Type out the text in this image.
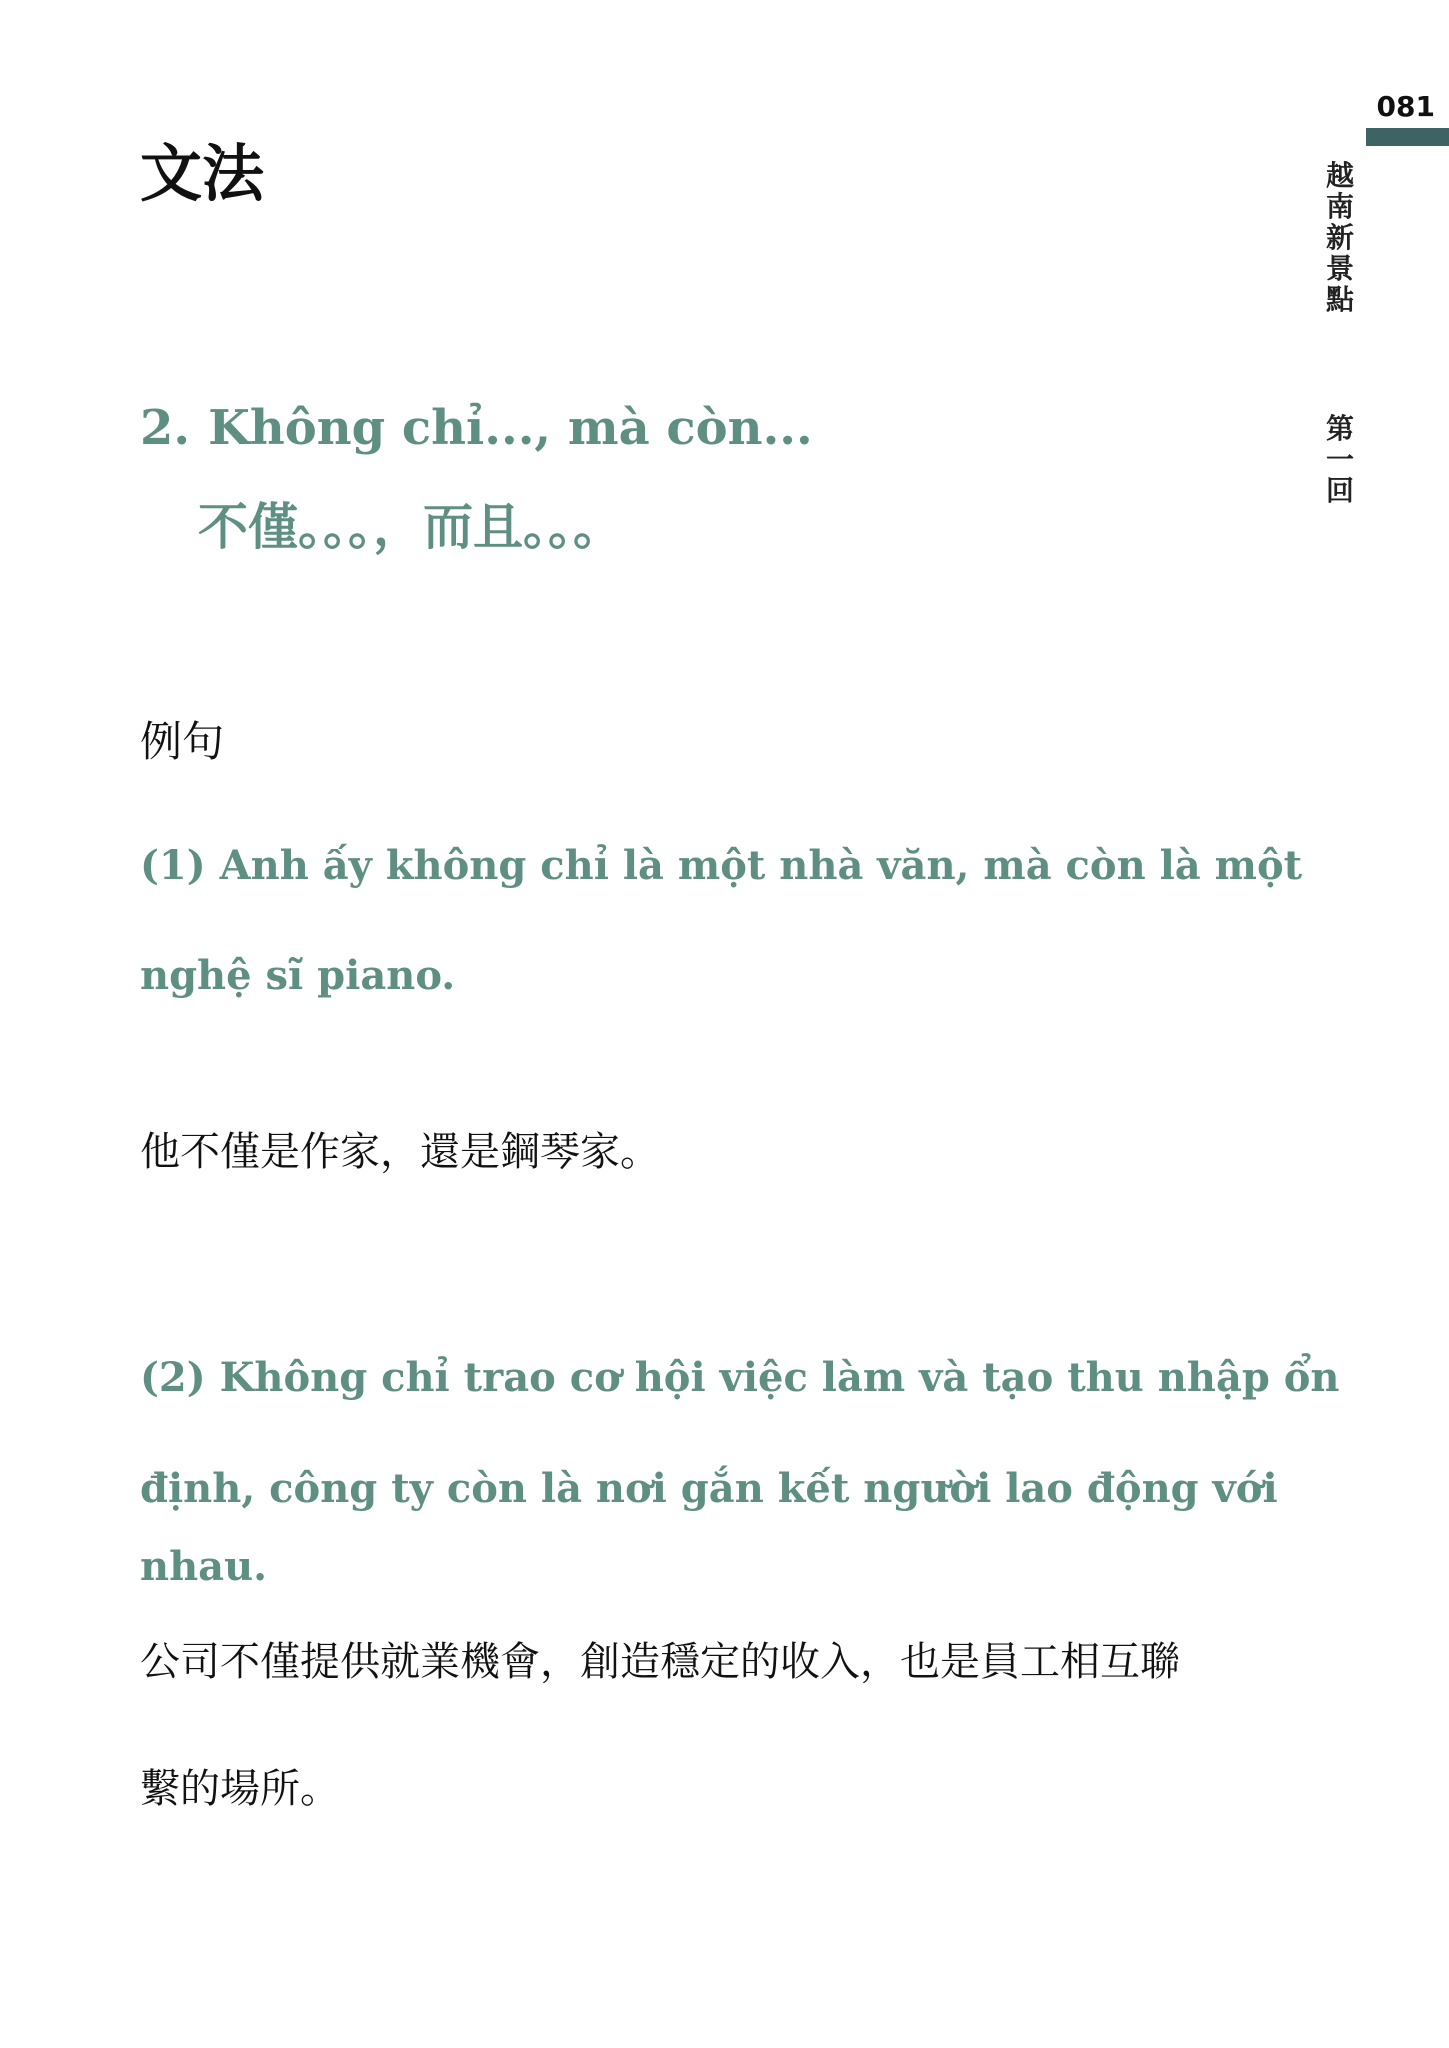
081
越南新景點
第一回
文法
2. Không chỉ..., mà còn...
不僅。。。，而且。。。
例句
(1) Anh ấy không chỉ là một nhà văn, mà còn là một
nghệ sĩ piano.
他不僅是作家，還是鋼琴家。
(2) Không chỉ trao cơ hội việc làm và tạo thu nhập ổn
định, công ty còn là nơi gắn kết người lao động với
nhau.
公司不僅提供就業機會，創造穩定的收入，也是員工相互聯
繫的場所。
